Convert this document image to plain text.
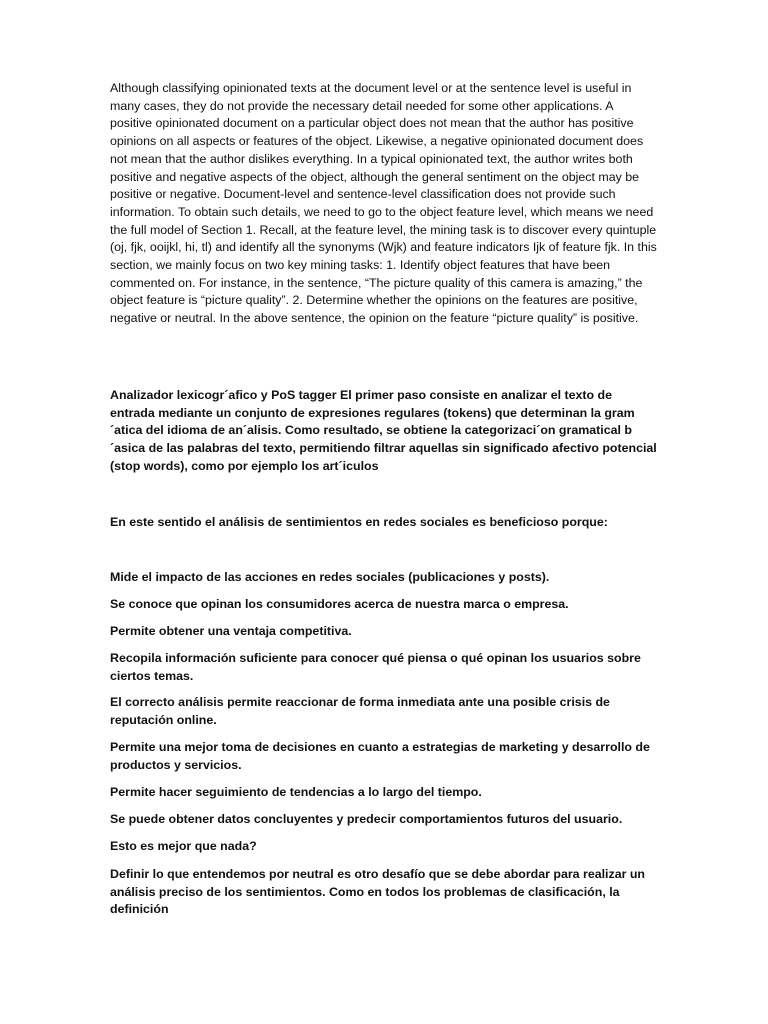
Although classifying opinionated texts at the document level or at the sentence level is useful in many cases, they do not provide the necessary detail needed for some other applications. A positive opinionated document on a particular object does not mean that the author has positive opinions on all aspects or features of the object. Likewise, a negative opinionated document does not mean that the author dislikes everything. In a typical opinionated text, the author writes both positive and negative aspects of the object, although the general sentiment on the object may be positive or negative. Document-level and sentence-level classification does not provide such information. To obtain such details, we need to go to the object feature level, which means we need the full model of Section 1. Recall, at the feature level, the mining task is to discover every quintuple (oj, fjk, ooijkl, hi, tl) and identify all the synonyms (Wjk) and feature indicators Ijk of feature fjk. In this section, we mainly focus on two key mining tasks: 1. Identify object features that have been commented on. For instance, in the sentence, “The picture quality of this camera is amazing,” the object feature is “picture quality”. 2. Determine whether the opinions on the features are positive, negative or neutral. In the above sentence, the opinion on the feature “picture quality” is positive.

Analizador lexicogr´afico y PoS tagger El primer paso consiste en analizar el texto de entrada mediante un conjunto de expresiones regulares (tokens) que determinan la gram´atica del idioma de an´alisis. Como resultado, se obtiene la categorizaci´on gramatical b´asica de las palabras del texto, permitiendo filtrar aquellas sin significado afectivo potencial (stop words), como por ejemplo los art´iculos

En este sentido el análisis de sentimientos en redes sociales es beneficioso porque:

Mide el impacto de las acciones en redes sociales (publicaciones y posts).

Se conoce que opinan los consumidores acerca de nuestra marca o empresa.

Permite obtener una ventaja competitiva.

Recopila información suficiente para conocer qué piensa o qué opinan los usuarios sobre ciertos temas.

El correcto análisis permite reaccionar de forma inmediata ante una posible crisis de reputación online.

Permite una mejor toma de decisiones en cuanto a estrategias de marketing y desarrollo de productos y servicios.

Permite hacer seguimiento de tendencias a lo largo del tiempo.

Se puede obtener datos concluyentes y predecir comportamientos futuros del usuario.

Esto es mejor que nada?

Definir lo que entendemos por neutral es otro desafío que se debe abordar para realizar un análisis preciso de los sentimientos. Como en todos los problemas de clasificación, la definición
